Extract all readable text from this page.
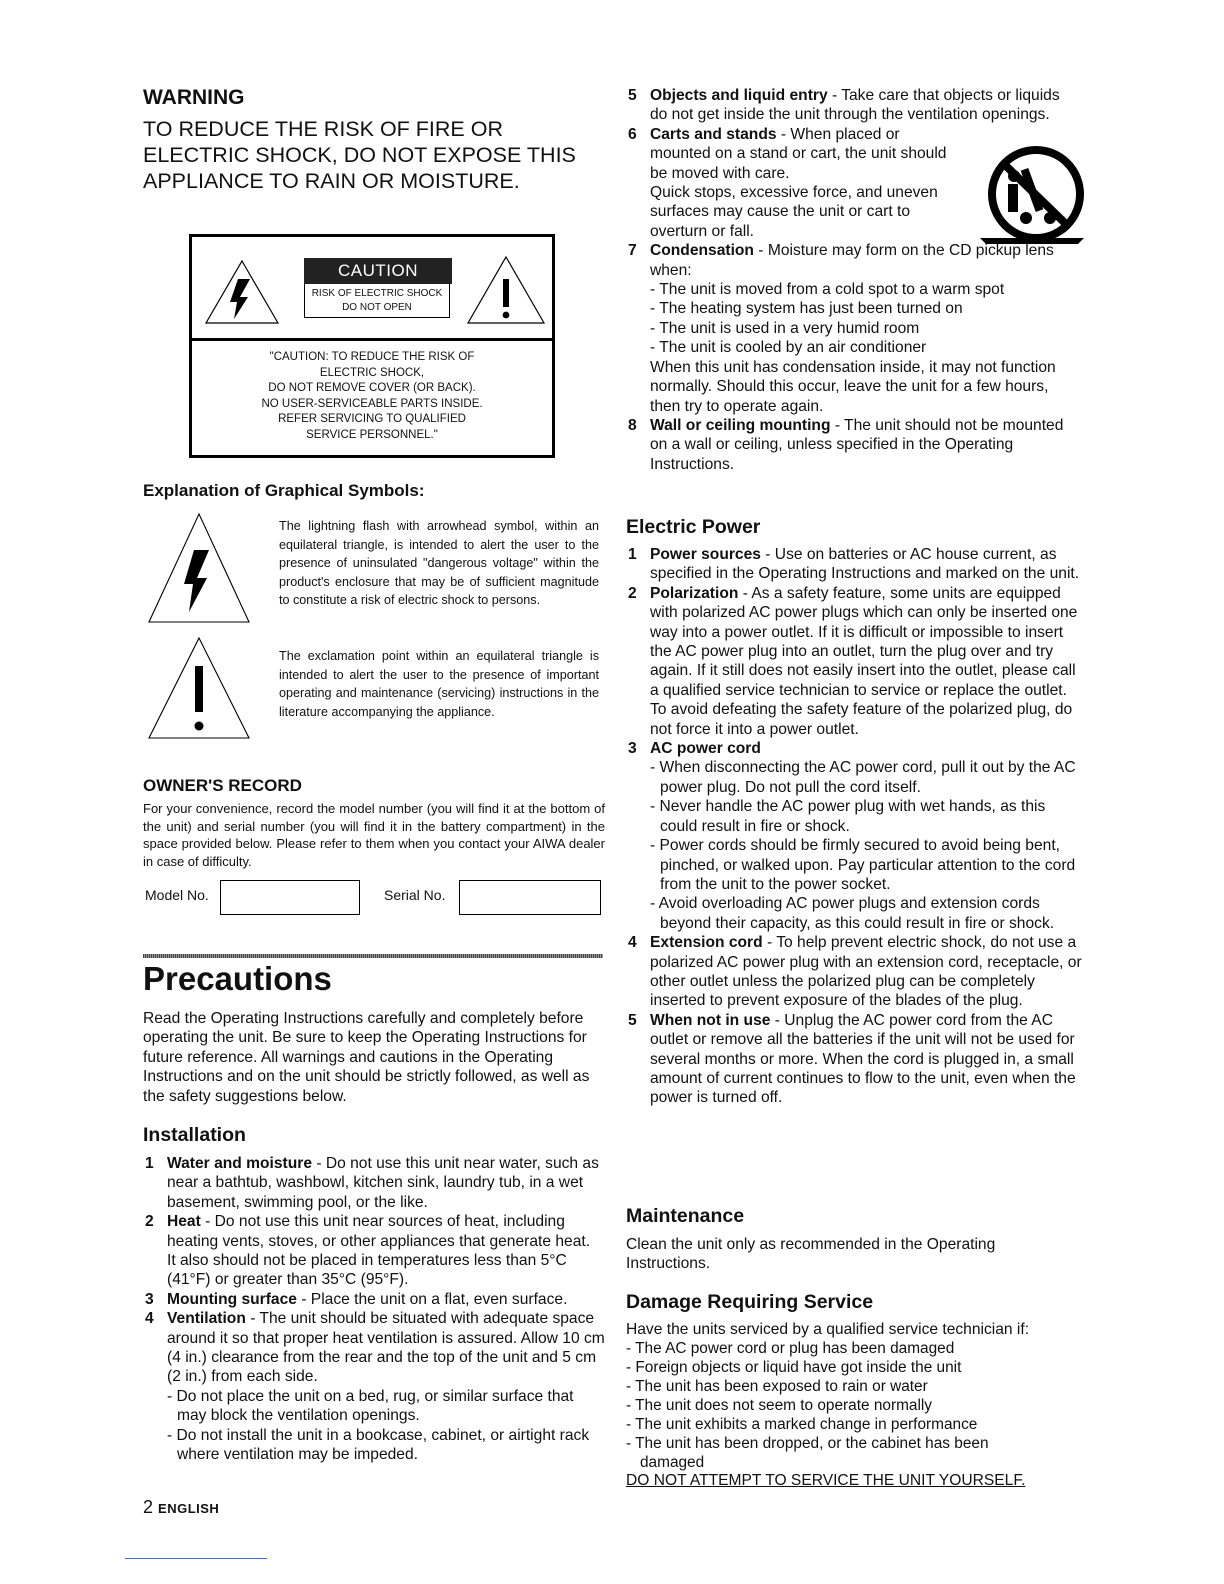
WARNING
TO REDUCE THE RISK OF FIRE OR
ELECTRIC SHOCK, DO NOT EXPOSE THIS
APPLIANCE TO RAIN OR MOISTURE.
CAUTION
RISK OF ELECTRIC SHOCK
DO NOT OPEN
"CAUTION: TO REDUCE THE RISK OF
ELECTRIC SHOCK,
DO NOT REMOVE COVER (OR BACK).
NO USER-SERVICEABLE PARTS INSIDE.
REFER SERVICING TO QUALIFIED
SERVICE PERSONNEL."
Explanation of Graphical Symbols:
The lightning flash with arrowhead symbol, within an equilateral triangle, is intended to alert the user to the presence of uninsulated "dangerous voltage" within the product's enclosure that may be of sufficient magnitude to constitute a risk of electric shock to persons.
The exclamation point within an equilateral triangle is intended to alert the user to the presence of important operating and maintenance (servicing) instructions in the literature accompanying the appliance.
OWNER'S RECORD
For your convenience, record the model number (you will find it at the bottom of the unit) and serial number (you will find it in the battery compartment) in the space provided below. Please refer to them when you contact your AIWA dealer in case of difficulty.
Model No.	Serial No.
Precautions
Read the Operating Instructions carefully and completely before operating the unit. Be sure to keep the Operating Instructions for future reference. All warnings and cautions in the Operating Instructions and on the unit should be strictly followed, as well as the safety suggestions below.
Installation
1 Water and moisture - Do not use this unit near water, such as near a bathtub, washbowl, kitchen sink, laundry tub, in a wet basement, swimming pool, or the like.
2 Heat - Do not use this unit near sources of heat, including heating vents, stoves, or other appliances that generate heat.
It also should not be placed in temperatures less than 5°C (41°F) or greater than 35°C (95°F).
3 Mounting surface - Place the unit on a flat, even surface.
4 Ventilation - The unit should be situated with adequate space around it so that proper heat ventilation is assured. Allow 10 cm (4 in.) clearance from the rear and the top of the unit and 5 cm (2 in.) from each side.
- Do not place the unit on a bed, rug, or similar surface that may block the ventilation openings.
- Do not install the unit in a bookcase, cabinet, or airtight rack where ventilation may be impeded.
2 ENGLISH
5 Objects and liquid entry - Take care that objects or liquids do not get inside the unit through the ventilation openings.
6 Carts and stands - When placed or mounted on a stand or cart, the unit should be moved with care.
Quick stops, excessive force, and uneven surfaces may cause the unit or cart to overturn or fall.
7 Condensation - Moisture may form on the CD pickup lens when:
- The unit is moved from a cold spot to a warm spot
- The heating system has just been turned on
- The unit is used in a very humid room
- The unit is cooled by an air conditioner
When this unit has condensation inside, it may not function normally. Should this occur, leave the unit for a few hours, then try to operate again.
8 Wall or ceiling mounting - The unit should not be mounted on a wall or ceiling, unless specified in the Operating Instructions.
Electric Power
1 Power sources - Use on batteries or AC house current, as specified in the Operating Instructions and marked on the unit.
2 Polarization - As a safety feature, some units are equipped with polarized AC power plugs which can only be inserted one way into a power outlet. If it is difficult or impossible to insert the AC power plug into an outlet, turn the plug over and try again. If it still does not easily insert into the outlet, please call a qualified service technician to service or replace the outlet. To avoid defeating the safety feature of the polarized plug, do not force it into a power outlet.
3 AC power cord
- When disconnecting the AC power cord, pull it out by the AC power plug. Do not pull the cord itself.
- Never handle the AC power plug with wet hands, as this could result in fire or shock.
- Power cords should be firmly secured to avoid being bent, pinched, or walked upon. Pay particular attention to the cord from the unit to the power socket.
- Avoid overloading AC power plugs and extension cords beyond their capacity, as this could result in fire or shock.
4 Extension cord - To help prevent electric shock, do not use a polarized AC power plug with an extension cord, receptacle, or other outlet unless the polarized plug can be completely inserted to prevent exposure of the blades of the plug.
5 When not in use - Unplug the AC power cord from the AC outlet or remove all the batteries if the unit will not be used for several months or more. When the cord is plugged in, a small amount of current continues to flow to the unit, even when the power is turned off.
Maintenance
Clean the unit only as recommended in the Operating Instructions.
Damage Requiring Service
Have the units serviced by a qualified service technician if:
- The AC power cord or plug has been damaged
- Foreign objects or liquid have got inside the unit
- The unit has been exposed to rain or water
- The unit does not seem to operate normally
- The unit exhibits a marked change in performance
- The unit has been dropped, or the cabinet has been damaged
DO NOT ATTEMPT TO SERVICE THE UNIT YOURSELF.
